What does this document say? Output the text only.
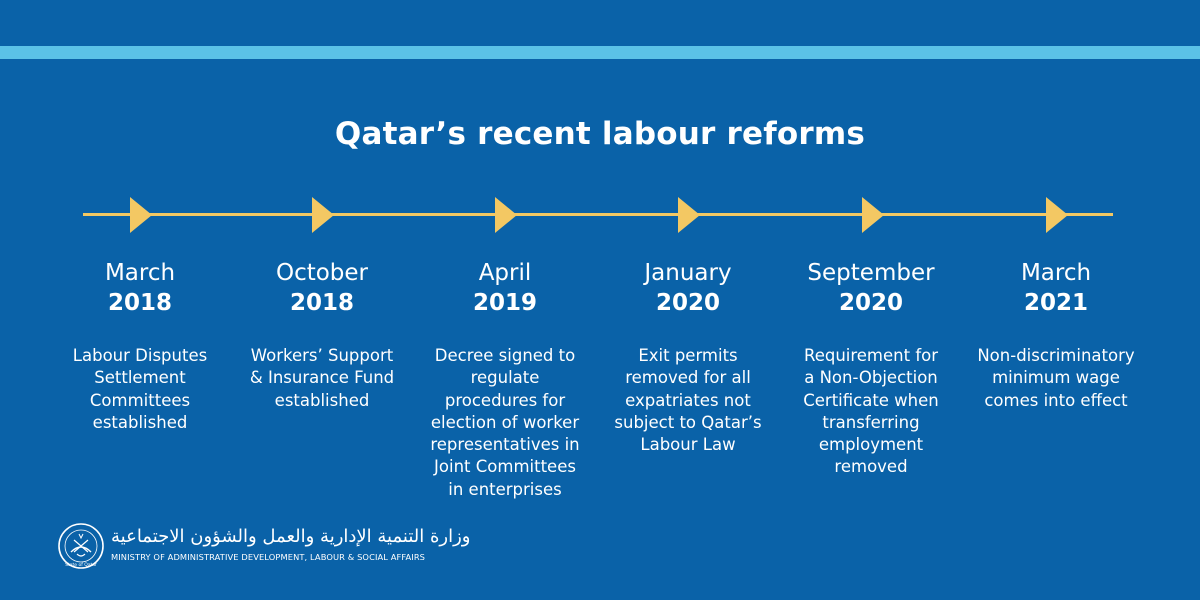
Qatar’s recent labour reforms
March
2018
Labour Disputes Settlement Committees established
October
2018
Workers’ Support & Insurance Fund established
April
2019
Decree signed to regulate procedures for election of worker representatives in Joint Committees in enterprises
January
2020
Exit permits removed for all expatriates not subject to Qatar’s Labour Law
September
2020
Requirement for a Non-Objection Certificate when transferring employment removed
March
2021
Non-discriminatory minimum wage comes into effect
State of Qatar
وزارة التنمية الإدارية والعمل والشؤون الاجتماعية
MINISTRY OF ADMINISTRATIVE DEVELOPMENT, LABOUR & SOCIAL AFFAIRS
